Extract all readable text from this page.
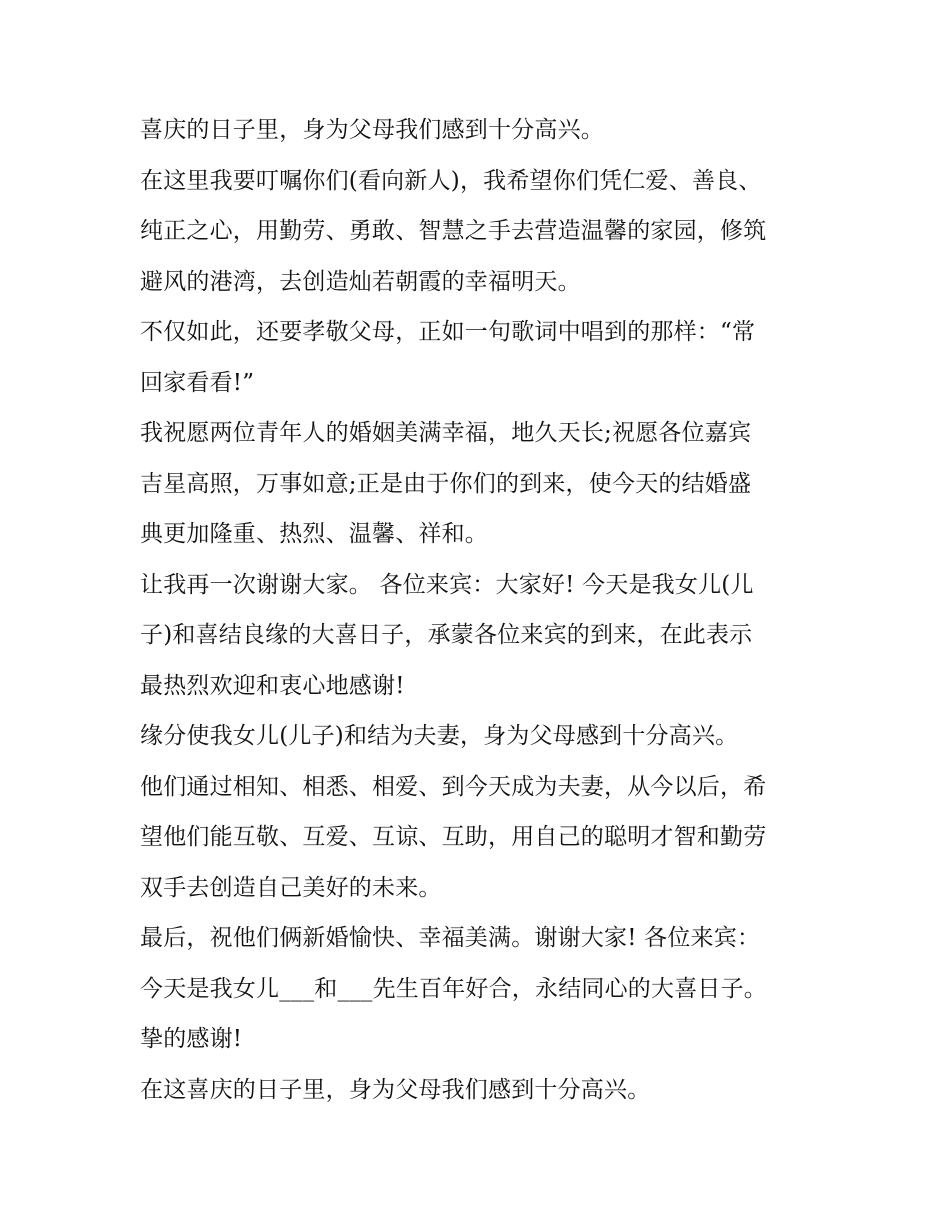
喜庆的日子里，身为父母我们感到十分高兴。
在这里我要叮嘱你们(看向新人)，我希望你们凭仁爱、善良、
纯正之心，用勤劳、勇敢、智慧之手去营造温馨的家园，修筑
避风的港湾，去创造灿若朝霞的幸福明天。
不仅如此，还要孝敬父母，正如一句歌词中唱到的那样：“常
回家看看!”
我祝愿两位青年人的婚姻美满幸福，地久天长;祝愿各位嘉宾
吉星高照，万事如意;正是由于你们的到来，使今天的结婚盛
典更加隆重、热烈、温馨、祥和。
让我再一次谢谢大家。 各位来宾：大家好! 今天是我女儿(儿
子)和喜结良缘的大喜日子，承蒙各位来宾的到来，在此表示
最热烈欢迎和衷心地感谢!
缘分使我女儿(儿子)和结为夫妻，身为父母感到十分高兴。
他们通过相知、相悉、相爱、到今天成为夫妻，从今以后，希
望他们能互敬、互爱、互谅、互助，用自己的聪明才智和勤劳
双手去创造自己美好的未来。
最后，祝他们俩新婚愉快、幸福美满。谢谢大家! 各位来宾：
今天是我女儿___和___先生百年好合，永结同心的大喜日子。
挚的感谢!
在这喜庆的日子里，身为父母我们感到十分高兴。
